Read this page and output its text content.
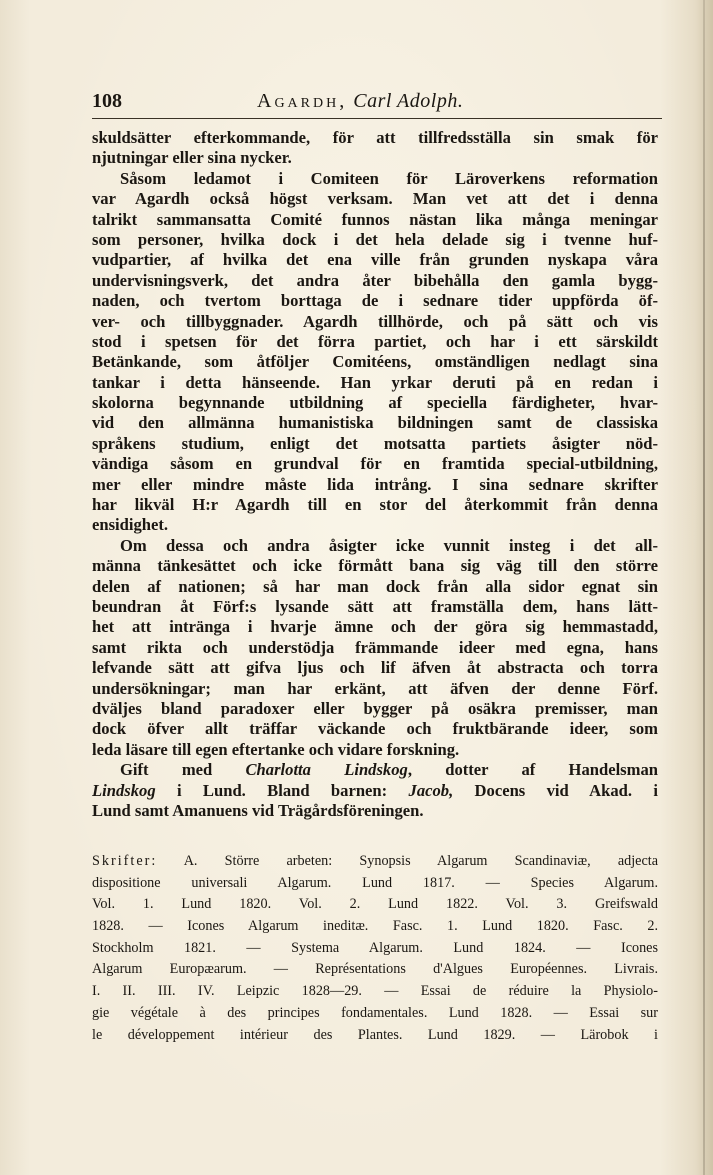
108	Agardh, Carl Adolph.
skuldsätter efterkommande, för att tillfredsställa sin smak för
njutningar eller sina nycker.
Såsom ledamot i Comiteen för Läroverkens reformation
var Agardh också högst verksam. Man vet att det i denna
talrikt sammansatta Comité funnos nästan lika många meningar
som personer, hvilka dock i det hela delade sig i tvenne huf-
vudpartier, af hvilka det ena ville från grunden nyskapa våra
undervisningsverk, det andra åter bibehålla den gamla bygg-
naden, och tvertom borttaga de i sednare tider uppförda öf-
ver- och tillbyggnader. Agardh tillhörde, och på sätt och vis
stod i spetsen för det förra partiet, och har i ett särskildt
Betänkande, som åtföljer Comitéens, omständligen nedlagt sina
tankar i detta hänseende. Han yrkar deruti på en redan i
skolorna begynnande utbildning af speciella färdigheter, hvar-
vid den allmänna humanistiska bildningen samt de classiska
språkens studium, enligt det motsatta partiets åsigter nöd-
vändiga såsom en grundval för en framtida special-utbildning,
mer eller mindre måste lida intrång. I sina sednare skrifter
har likväl H:r Agardh till en stor del återkommit från denna
ensidighet.
Om dessa och andra åsigter icke vunnit insteg i det all-
männa tänkesättet och icke förmått bana sig väg till den större
delen af nationen; så har man dock från alla sidor egnat sin
beundran åt Förf:s lysande sätt att framställa dem, hans lätt-
het att intränga i hvarje ämne och der göra sig hemmastadd,
samt rikta och understödja främmande ideer med egna, hans
lefvande sätt att gifva ljus och lif äfven åt abstracta och torra
undersökningar; man har erkänt, att äfven der denne Förf.
dväljes bland paradoxer eller bygger på osäkra premisser, man
dock öfver allt träffar väckande och fruktbärande ideer, som
leda läsare till egen eftertanke och vidare forskning.
Gift med Charlotta Lindskog, dotter af Handelsman
Lindskog i Lund. Bland barnen: Jacob, Docens vid Akad. i
Lund samt Amanuens vid Trägårdsföreningen.
Skrifter: A. Större arbeten: Synopsis Algarum Scandinaviæ, adjecta
dispositione universali Algarum. Lund 1817. — Species Algarum.
Vol. 1. Lund 1820. Vol. 2. Lund 1822. Vol. 3. Greifswald
1828. — Icones Algarum ineditæ. Fasc. 1. Lund 1820. Fasc. 2.
Stockholm 1821. — Systema Algarum. Lund 1824. — Icones
Algarum Europæarum. — Représentations d'Algues Européennes. Livrais.
I. II. III. IV. Leipzic 1828—29. — Essai de réduire la Physiolo-
gie végétale à des principes fondamentales. Lund 1828. — Essai sur
le développement intérieur des Plantes. Lund 1829. — Lärobok i
